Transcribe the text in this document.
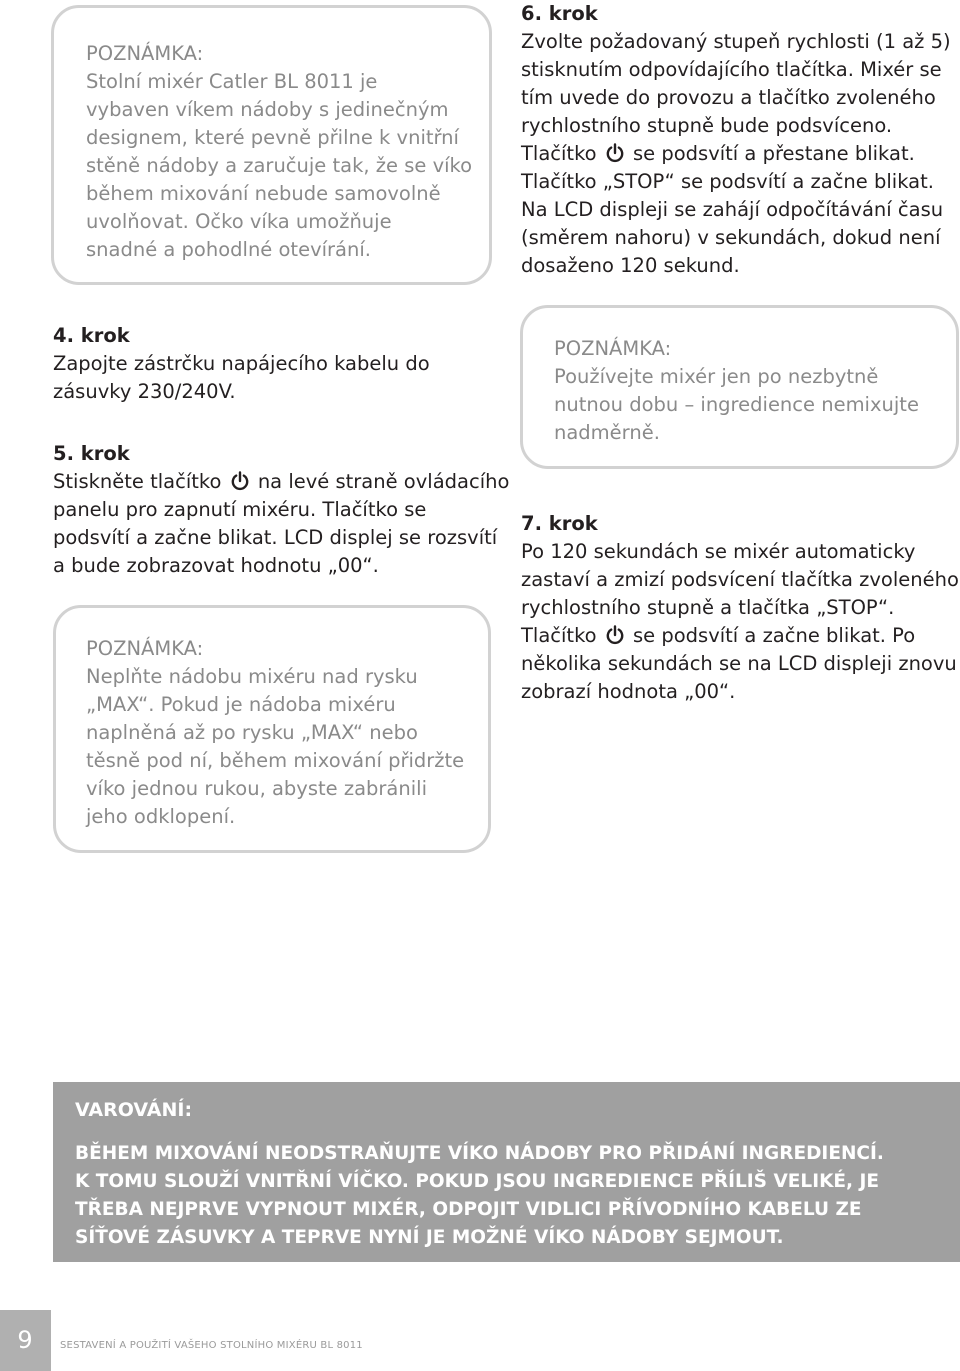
POZNÁMKA:

Stolní mixér Catler BL 8011 je

vybaven víkem nádoby s jedinečným

designem, které pevně přilne k vnitřní

stěně nádoby a zaručuje tak, že se víko

během mixování nebude samovolně

uvolňovat. Očko víka umožňuje

snadné a pohodlné otevírání.

6. krok

Zvolte požadovaný stupeň rychlosti (1 až 5)

stisknutím odpovídajícího tlačítka. Mixér se

tím uvede do provozu a tlačítko zvoleného

rychlostního stupně bude podsvíceno.

Tlačítko se podsvítí a přestane blikat.

Tlačítko „STOP“ se podsvítí a začne blikat.

Na LCD displeji se zahájí odpočítávání času

(směrem nahoru) v sekundách, dokud není

dosaženo 120 sekund.

4. krok

Zapojte zástrčku napájecího kabelu do

zásuvky 230/240V.

5. krok

Stiskněte tlačítko na levé straně ovládacího

panelu pro zapnutí mixéru. Tlačítko se

podsvítí a začne blikat. LCD displej se rozsvítí

a bude zobrazovat hodnotu „00“.

POZNÁMKA:

Neplňte nádobu mixéru nad rysku

„MAX“. Pokud je nádoba mixéru

naplněná až po rysku „MAX“ nebo

těsně pod ní, během mixování přidržte

víko jednou rukou, abyste zabránili

jeho odklopení.

POZNÁMKA:

Používejte mixér jen po nezbytně

nutnou dobu – ingredience nemixujte

nadměrně.

7. krok

Po 120 sekundách se mixér automaticky

zastaví a zmizí podsvícení tlačítka zvoleného

rychlostního stupně a tlačítka „STOP“.

Tlačítko se podsvítí a začne blikat. Po

několika sekundách se na LCD displeji znovu

zobrazí hodnota „00“.

VAROVÁNÍ:

BĚHEM MIXOVÁNÍ NEODSTRAŇUJTE VÍKO NÁDOBY PRO PŘIDÁNÍ INGREDIENCÍ.

K TOMU SLOUŽÍ VNITŘNÍ VÍČKO. POKUD JSOU INGREDIENCE PŘÍLIŠ VELIKÉ, JE

TŘEBA NEJPRVE VYPNOUT MIXÉR, ODPOJIT VIDLICI PŘÍVODNÍHO KABELU ZE

SÍŤOVÉ ZÁSUVKY A TEPRVE NYNÍ JE MOŽNÉ VÍKO NÁDOBY SEJMOUT.

9	SESTAVENÍ A POUŽITÍ VAŠEHO STOLNÍHO MIXÉRU BL 8011
